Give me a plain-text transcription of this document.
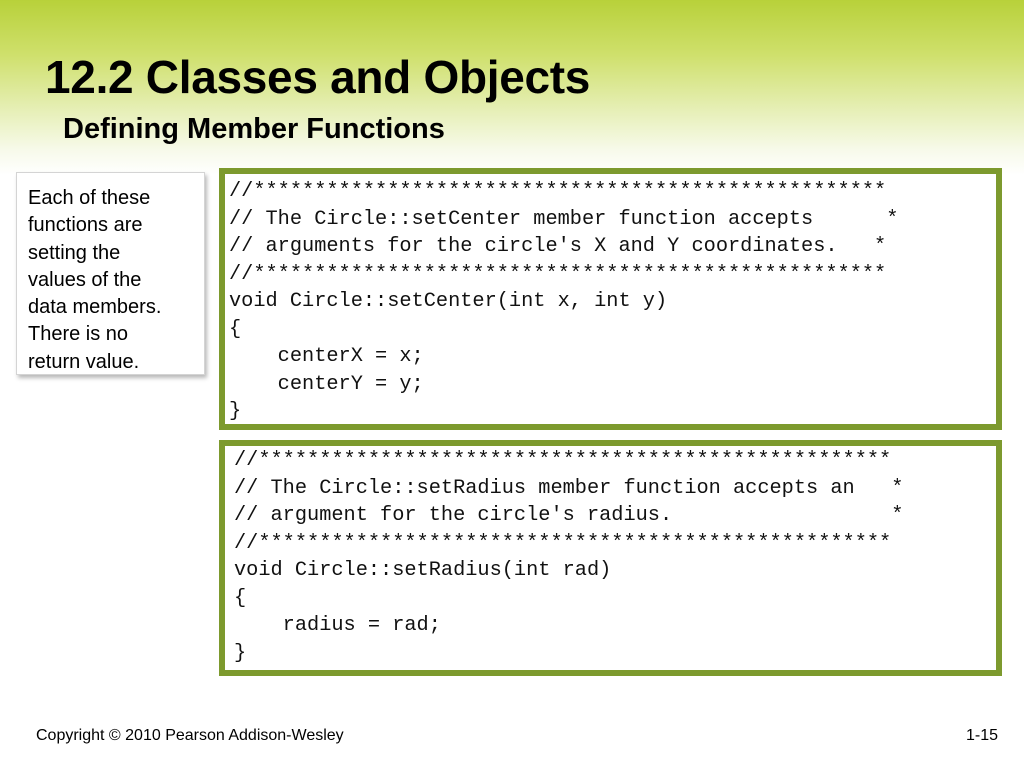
12.2 Classes and Objects
Defining Member Functions
Each of these
functions are
setting the
values of the
data members.
There is no
return value.
//****************************************************
// The Circle::setCenter member function accepts      *
// arguments for the circle's X and Y coordinates.   *
//****************************************************
void Circle::setCenter(int x, int y)
{
centerX = x;
centerY = y;
}
//****************************************************
// The Circle::setRadius member function accepts an   *
// argument for the circle's radius.                  *
//****************************************************
void Circle::setRadius(int rad)
{
radius = rad;
}
Copyright © 2010 Pearson Addison-Wesley	1-15
